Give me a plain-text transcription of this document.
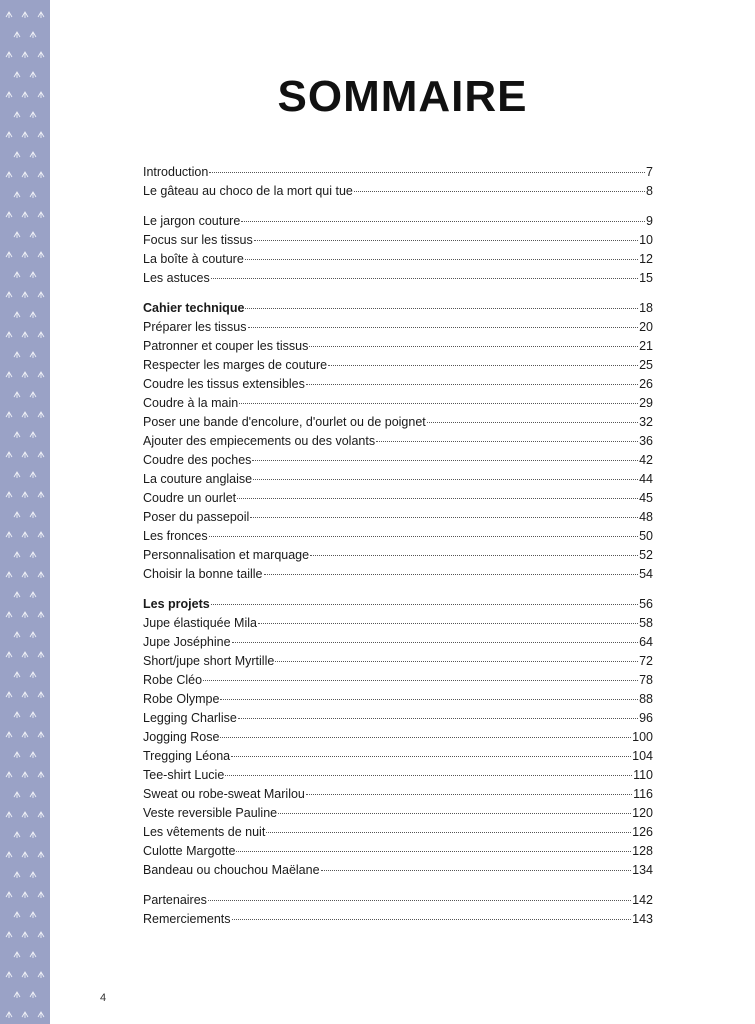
SOMMAIRE
Introduction	7
Le gâteau au choco de la mort qui tue	8
Le jargon couture	9
Focus sur les tissus	10
La boîte à couture	12
Les astuces	15
Cahier technique	18
Préparer les tissus	20
Patronner et couper les tissus	21
Respecter les marges de couture	25
Coudre les tissus extensibles	26
Coudre à la main	29
Poser une bande d'encolure, d'ourlet ou de poignet	32
Ajouter des empiecements ou des volants	36
Coudre des poches	42
La couture anglaise	44
Coudre un ourlet	45
Poser du passepoil	48
Les fronces	50
Personnalisation et marquage	52
Choisir la bonne taille	54
Les projets	56
Jupe élastiquée Mila	58
Jupe Joséphine	64
Short/jupe short Myrtille	72
Robe Cléo	78
Robe Olympe	88
Legging Charlise	96
Jogging Rose	100
Tregging Léona	104
Tee-shirt Lucie	110
Sweat ou robe-sweat Marilou	116
Veste reversible Pauline	120
Les vêtements de nuit	126
Culotte Margotte	128
Bandeau ou chouchou Maëlane	134
Partenaires	142
Remerciements	143
4
